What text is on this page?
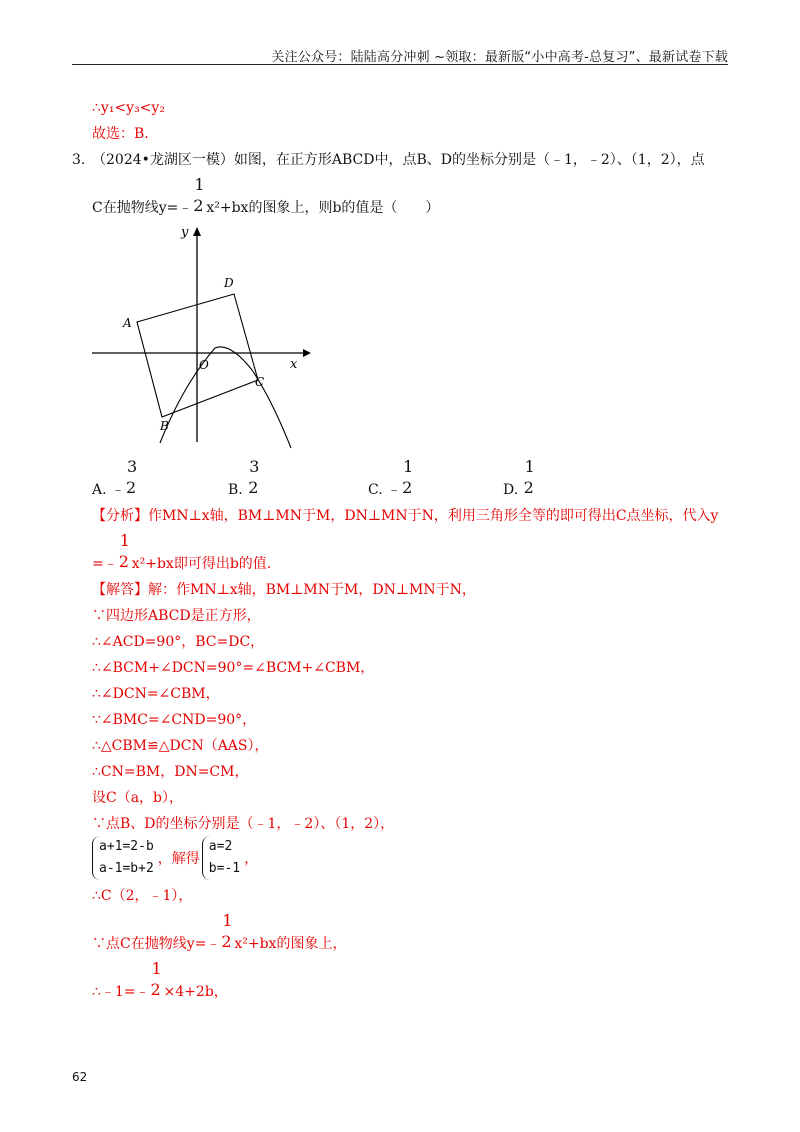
关注公众号：陆陆高分冲刺 ~领取：最新版“小中高考-总复习”、最新试卷下载
∴y₁<y₃<y₂
故选：B.
3. （2024•龙湖区一模）如图，在正方形ABCD中，点B、D的坐标分别是（﹣1，﹣2）、（1，2），点
C在抛物线y=﹣
1
2 x²+bx的图象上，则b的值是（　　）
y
x
O
A
B
C
D
A. ﹣
3
2	B.
3
2	C. ﹣
1
2	D.
1
2
【分析】作MN⊥x轴，BM⊥MN于M，DN⊥MN于N，利用三角形全等的即可得出C点坐标，代入y
=﹣
1
2 x²+bx即可得出b的值.
【解答】解：作MN⊥x轴，BM⊥MN于M，DN⊥MN于N，
∵四边形ABCD是正方形，
∴∠ACD=90°，BC=DC，
∴∠BCM+∠DCN=90°=∠BCM+∠CBM，
∴∠DCN=∠CBM，
∵∠BMC=∠CND=90°，
∴△CBM≌△DCN（AAS），
∴CN=BM，DN=CM，
设C（a，b），
∵点B、D的坐标分别是（﹣1，﹣2）、（1，2），
a+1=2-b
a-1=b+2，解得a=2
b=-1，
∴C（2，﹣1），
∵点C在抛物线y=﹣
1
2 x²+bx的图象上，
∴﹣1=﹣
1
2 ×4+2b，
62
